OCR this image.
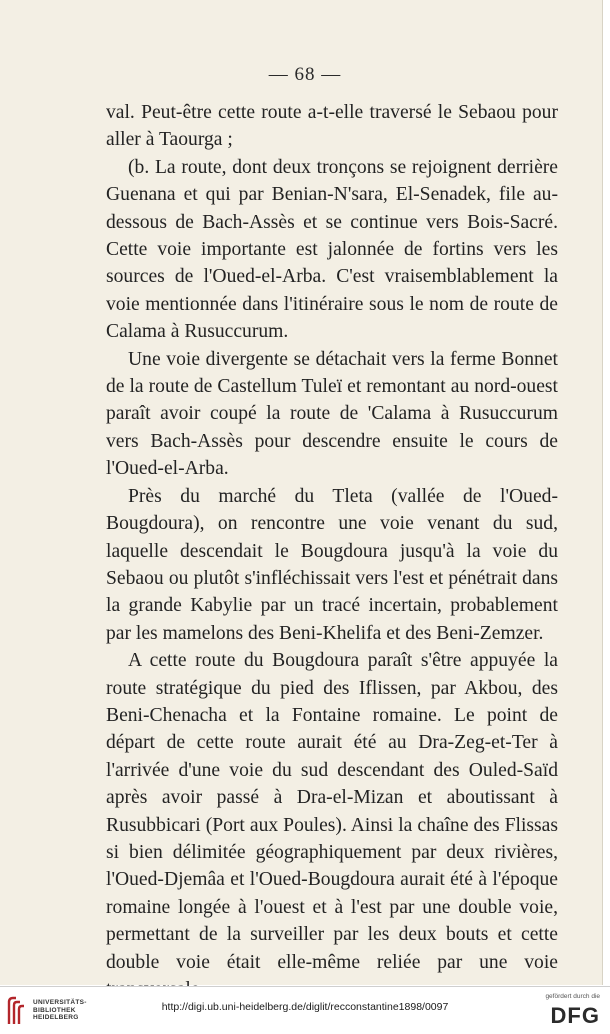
— 68 —

val. Peut-être cette route a-t-elle traversé le Sebaou pour aller à Taourga ;

(b. La route, dont deux tronçons se rejoignent derrière Guenana et qui par Benian-N'sara, El-Senadek, file au-dessous de Bach-Assès et se continue vers Bois-Sacré. Cette voie importante est jalonnée de fortins vers les sources de l'Oued-el-Arba. C'est vraisemblablement la voie mentionnée dans l'itinéraire sous le nom de route de Calama à Rusuccurum.

Une voie divergente se détachait vers la ferme Bonnet de la route de Castellum Tuleï et remontant au nord-ouest paraît avoir coupé la route de 'Calama à Rusuccurum vers Bach-Assès pour descendre ensuite le cours de l'Oued-el-Arba.

Près du marché du Tleta (vallée de l'Oued-Bougdoura), on rencontre une voie venant du sud, laquelle descendait le Bougdoura jusqu'à la voie du Sebaou ou plutôt s'infléchissait vers l'est et pénétrait dans la grande Kabylie par un tracé incertain, probablement par les mamelons des Beni-Khelifa et des Beni-Zemzer.

A cette route du Bougdoura paraît s'être appuyée la route stratégique du pied des Iflissen, par Akbou, des Beni-Chenacha et la Fontaine romaine. Le point de départ de cette route aurait été au Dra-Zeg-et-Ter à l'arrivée d'une voie du sud descendant des Ouled-Saïd après avoir passé à Dra-el-Mizan et aboutissant à Rusubbicari (Port aux Poules). Ainsi la chaîne des Flissas si bien délimitée géographiquement par deux rivières, l'Oued-Djemâa et l'Oued-Bougdoura aurait été à l'époque romaine longée à l'ouest et à l'est par une double voie, permettant de la surveiller par les deux bouts et cette double voie était elle-même reliée par une voie

UNIVERSITÄTS-
BIBLIOTHEK
HEIDELBERG
http://digi.ub.uni-heidelberg.de/diglit/recconstantine1898/0097
gefördert durch die
DFG
